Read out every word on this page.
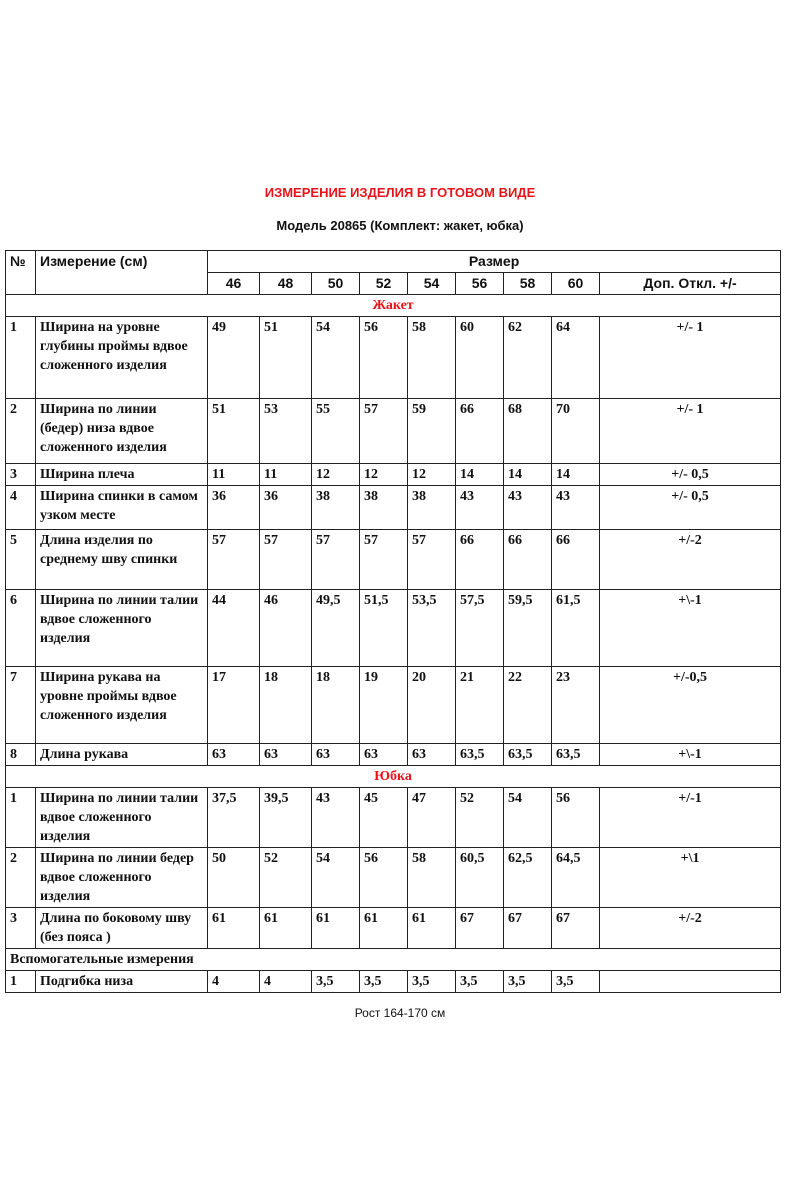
ИЗМЕРЕНИЕ ИЗДЕЛИЯ В ГОТОВОМ ВИДЕ
Модель 20865 (Комплект: жакет, юбка)
№	Измерение (см)	Размер								
		46	48	50	52	54	56	58	60	Доп. Откл. +/-
Жакет										
1	Ширина на уровне глубины проймы вдвое сложенного изделия	49	51	54	56	58	60	62	64	+/- 1
2	Ширина по линии (бедер) низа вдвое сложенного изделия	51	53	55	57	59	66	68	70	+/- 1
3	Ширина плеча	11	11	12	12	12	14	14	14	+/- 0,5
4	Ширина спинки в самом узком месте	36	36	38	38	38	43	43	43	+/- 0,5
5	Длина изделия по среднему шву спинки	57	57	57	57	57	66	66	66	+/-2
6	Ширина по линии талии вдвое сложенного изделия	44	46	49,5	51,5	53,5	57,5	59,5	61,5	+\-1
7	Ширина рукава на уровне проймы вдвое сложенного изделия	17	18	18	19	20	21	22	23	+/-0,5
8	Длина рукава	63	63	63	63	63	63,5	63,5	63,5	+\-1
Юбка										
1	Ширина по линии талии вдвое сложенного изделия	37,5	39,5	43	45	47	52	54	56	+/-1
2	Ширина по линии бедер вдвое сложенного изделия	50	52	54	56	58	60,5	62,5	64,5	+\1
3	Длина по боковому шву (без пояса )	61	61	61	61	61	67	67	67	+/-2
Вспомогательные измерения										
1	Подгибка низа	4	4	3,5	3,5	3,5	3,5	3,5	3,5	
Рост 164-170 см
